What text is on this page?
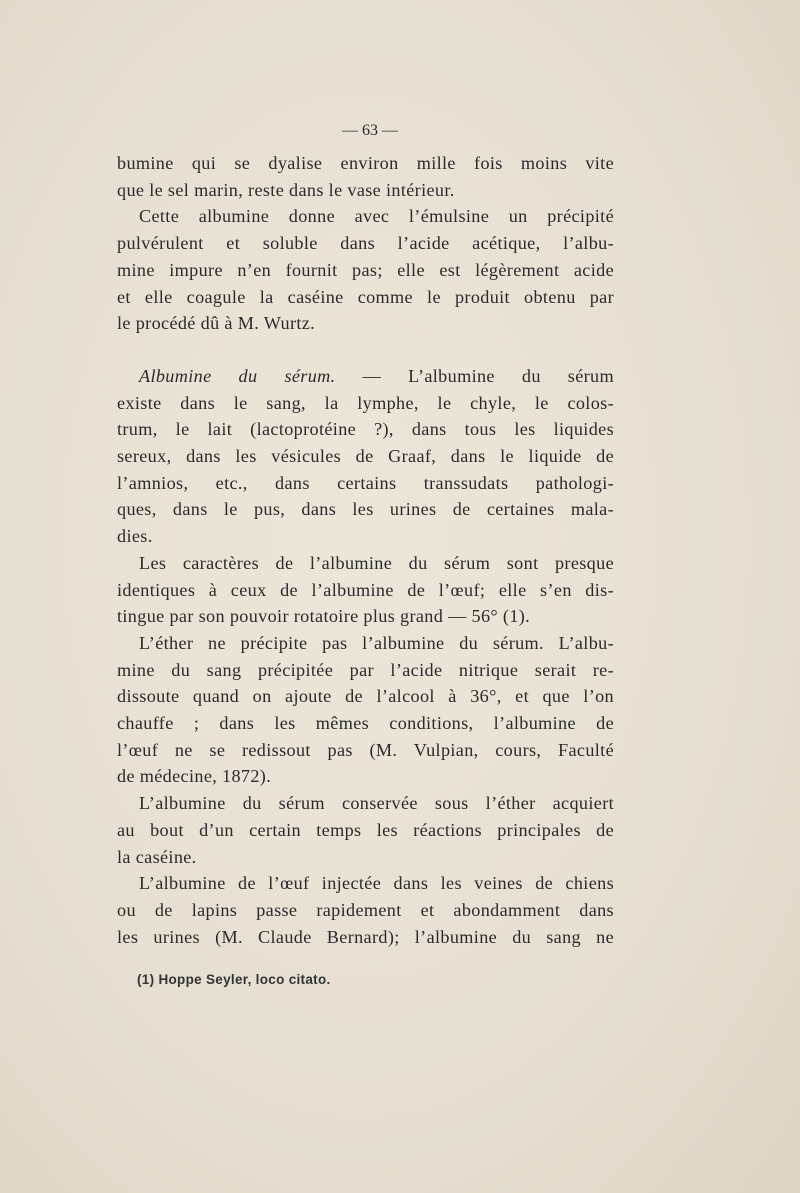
— 63 —

bumine qui se dyalise environ mille fois moins vite

que le sel marin, reste dans le vase intérieur.

Cette albumine donne avec l’émulsine un précipité

pulvérulent et soluble dans l’acide acétique, l’albu-

mine impure n’en fournit pas; elle est légèrement acide

et elle coagule la caséine comme le produit obtenu par

le procédé dû à M. Wurtz.

Albumine du sérum. — L’albumine du sérum

existe dans le sang, la lymphe, le chyle, le colos-

trum, le lait (lactoprotéine ?), dans tous les liquides

sereux, dans les vésicules de Graaf, dans le liquide de

l’amnios, etc., dans certains transsudats pathologi-

ques, dans le pus, dans les urines de certaines mala-

dies.

Les caractères de l’albumine du sérum sont presque

identiques à ceux de l’albumine de l’œuf; elle s’en dis-

tingue par son pouvoir rotatoire plus grand — 56° (1).

L’éther ne précipite pas l’albumine du sérum. L’albu-

mine du sang précipitée par l’acide nitrique serait re-

dissoute quand on ajoute de l’alcool à 36°, et que l’on

chauffe ; dans les mêmes conditions, l’albumine de

l’œuf ne se redissout pas (M. Vulpian, cours, Faculté

de médecine, 1872).

L’albumine du sérum conservée sous l’éther acquiert

au bout d’un certain temps les réactions principales de

la caséine.

L’albumine de l’œuf injectée dans les veines de chiens

ou de lapins passe rapidement et abondamment dans

les urines (M. Claude Bernard); l’albumine du sang ne

(1) Hoppe Seyler, loco citato.
